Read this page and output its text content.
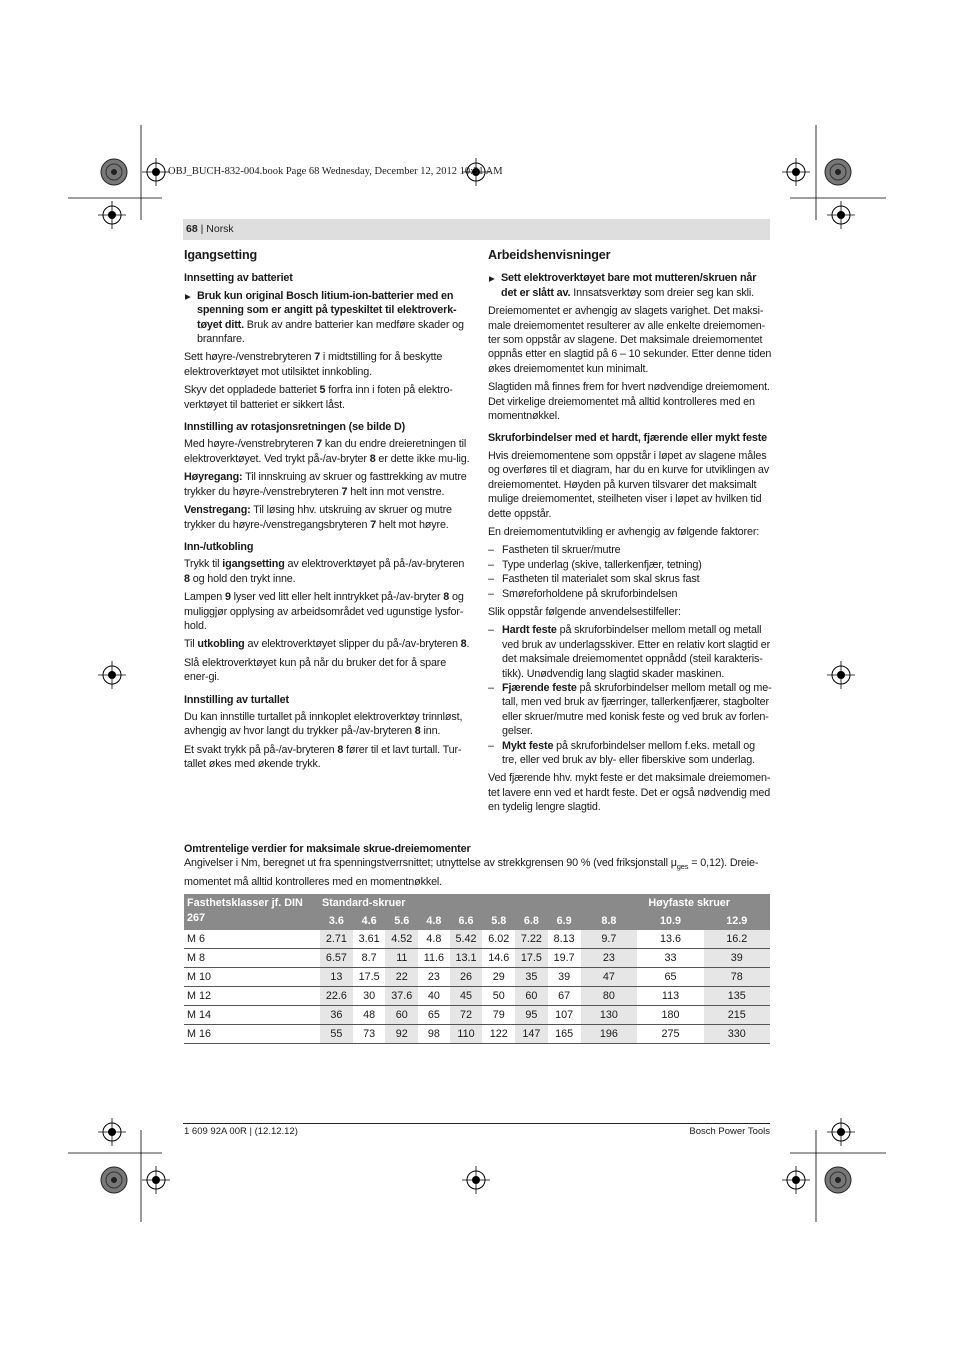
OBJ_BUCH-832-004.book Page 68 Wednesday, December 12, 2012 10:31 AM
68 | Norsk
Igangsetting
Innsetting av batteriet

▶ Bruk kun original Bosch litium-ion-batterier med en spenning som er angitt på typeskiltet til elektroverk-tøyet ditt. Bruk av andre batterier kan medføre skader og brannfare.

Sett høyre-/venstrebryteren 7 i midtstilling for å beskytte elektroverktøyet mot utilsiktet innkobling.

Skyv det oppladede batteriet 5 forfra inn i foten på elektro-verktøyet til batteriet er sikkert låst.

Innstilling av rotasjonsretningen (se bilde D)

Med høyre-/venstrebryteren 7 kan du endre dreieretningen til elektroverktøyet. Ved trykt på-/av-bryter 8 er dette ikke mu-lig.

Høyregang: Til innskruing av skruer og fasttrekking av mutre trykker du høyre-/venstrebryteren 7 helt inn mot venstre.

Venstregang: Til løsing hhv. utskruing av skruer og mutre trykker du høyre-/venstregangsbryteren 7 helt mot høyre.

Inn-/utkobling

Trykk til igangsetting av elektroverktøyet på på-/av-bryteren 8 og hold den trykt inne.

Lampen 9 lyser ved litt eller helt inntrykket på-/av-bryter 8 og muliggjør opplysing av arbeidsområdet ved ugunstige lysfor-hold.

Til utkobling av elektroverktøyet slipper du på-/av-bryteren 8.

Slå elektroverktøyet kun på når du bruker det for å spare ener-gi.

Innstilling av turtallet

Du kan innstille turtallet på innkoplet elektroverktøy trinnløst, avhengig av hvor langt du trykker på-/av-bryteren 8 inn.

Et svakt trykk på på-/av-bryteren 8 fører til et lavt turtall. Tur-tallet økes med økende trykk.

Arbeidshenvisninger

▶ Sett elektroverktøyet bare mot mutteren/skruen når det er slått av. Innsatsverktøy som dreier seg kan skli.

Dreiemomentet er avhengig av slagets varighet. Det maksi-male dreiemomentet resulterer av alle enkelte dreiemomen-ter som oppstår av slagene. Det maksimale dreiemomentet oppnås etter en slagtid på 6 – 10 sekunder. Etter denne tiden økes dreiemomentet kun minimalt.

Slagtiden må finnes frem for hvert nødvendige dreiemoment. Det virkelige dreiemomentet må alltid kontrolleres med en momentnøkkel.

Skruforbindelser med et hardt, fjærende eller mykt feste

Hvis dreiemomentene som oppstår i løpet av slagene måles og overføres til et diagram, har du en kurve for utviklingen av dreiemomentet. Høyden på kurven tilsvarer det maksimalt mulige dreiemomentet, steilheten viser i løpet av hvilken tid dette oppstår.

En dreiemomentutvikling er avhengig av følgende faktorer:

– Fastheten til skruer/mutre
– Type underlag (skive, tallerkenfjær, tetning)
– Fastheten til materialet som skal skrus fast
– Smøreforholdene på skruforbindelsen

Slik oppstår følgende anvendelsestilfeller:

– Hardt feste på skruforbindelser mellom metall og metall ved bruk av underlagsskiver. Etter en relativ kort slagtid er det maksimale dreiemomentet oppnådd (steil karakteris-tikk). Unødvendig lang slagtid skader maskinen.
– Fjærende feste på skruforbindelser mellom metall og me-tall, men ved bruk av fjærringer, tallerkenfjærer, stagbolter eller skruer/mutre med konisk feste og ved bruk av forlen-gelser.
– Mykt feste på skruforbindelser mellom f.eks. metall og tre, eller ved bruk av bly- eller fiberskive som underlag.

Ved fjærende hhv. mykt feste er det maksimale dreiemomen-tet lavere enn ved et hardt feste. Det er også nødvendig med en tydelig lengre slagtid.

Omtrentelige verdier for maksimale skrue-dreiemomenter
Angivelser i Nm, beregnet ut fra spenningstverrsnittet; utnyttelse av strekkgrensen 90 % (ved friksjonstall $\mu_{ges} = 0,12$). Dreie-momentet må alltid kontrolleres med en momentnøkkel.
Fasthetsklasser jf. DIN 267	Standard-skruer								Høyfaste skruer		
	3.6	4.6	5.6	4.8	6.6	5.8	6.8	6.9	8.8	10.9	12.9
M 6	2.71	3.61	4.52	4.8	5.42	6.02	7.22	8.13	9.7	13.6	16.2
M 8	6.57	8.7	11	11.6	13.1	14.6	17.5	19.7	23	33	39
M 10	13	17.5	22	23	26	29	35	39	47	65	78
M 12	22.6	30	37.6	40	45	50	60	67	80	113	135
M 14	36	48	60	65	72	79	95	107	130	180	215
M 16	55	73	92	98	110	122	147	165	196	275	330
1 609 92A 00R | (12.12.12)	Bosch Power Tools
